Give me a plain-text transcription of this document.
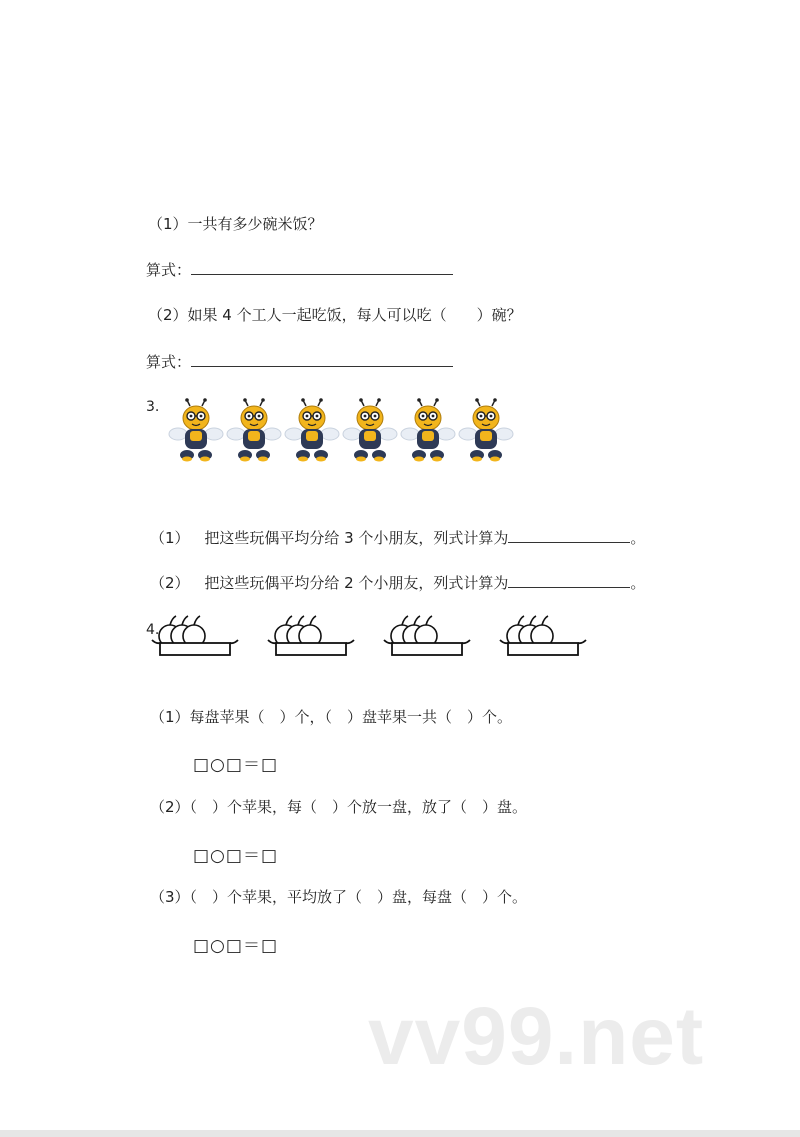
（1）一共有多少碗米饭？
算式：
（2）如果 4 个工人一起吃饭，每人可以吃（ ）碗？
算式：
3.
（1） 把这些玩偶平均分给 3 个小朋友，列式计算为	。
（2） 把这些玩偶平均分给 2 个小朋友，列式计算为	。
4.
（1）每盘苹果（　）个，（　）盘苹果一共（　）个。
□○□＝□
（2）（　）个苹果，每（　）个放一盘，放了（　）盘。
□○□＝□
（3）（　）个苹果，平均放了（　）盘，每盘（　）个。
□○□＝□
vv99.net
